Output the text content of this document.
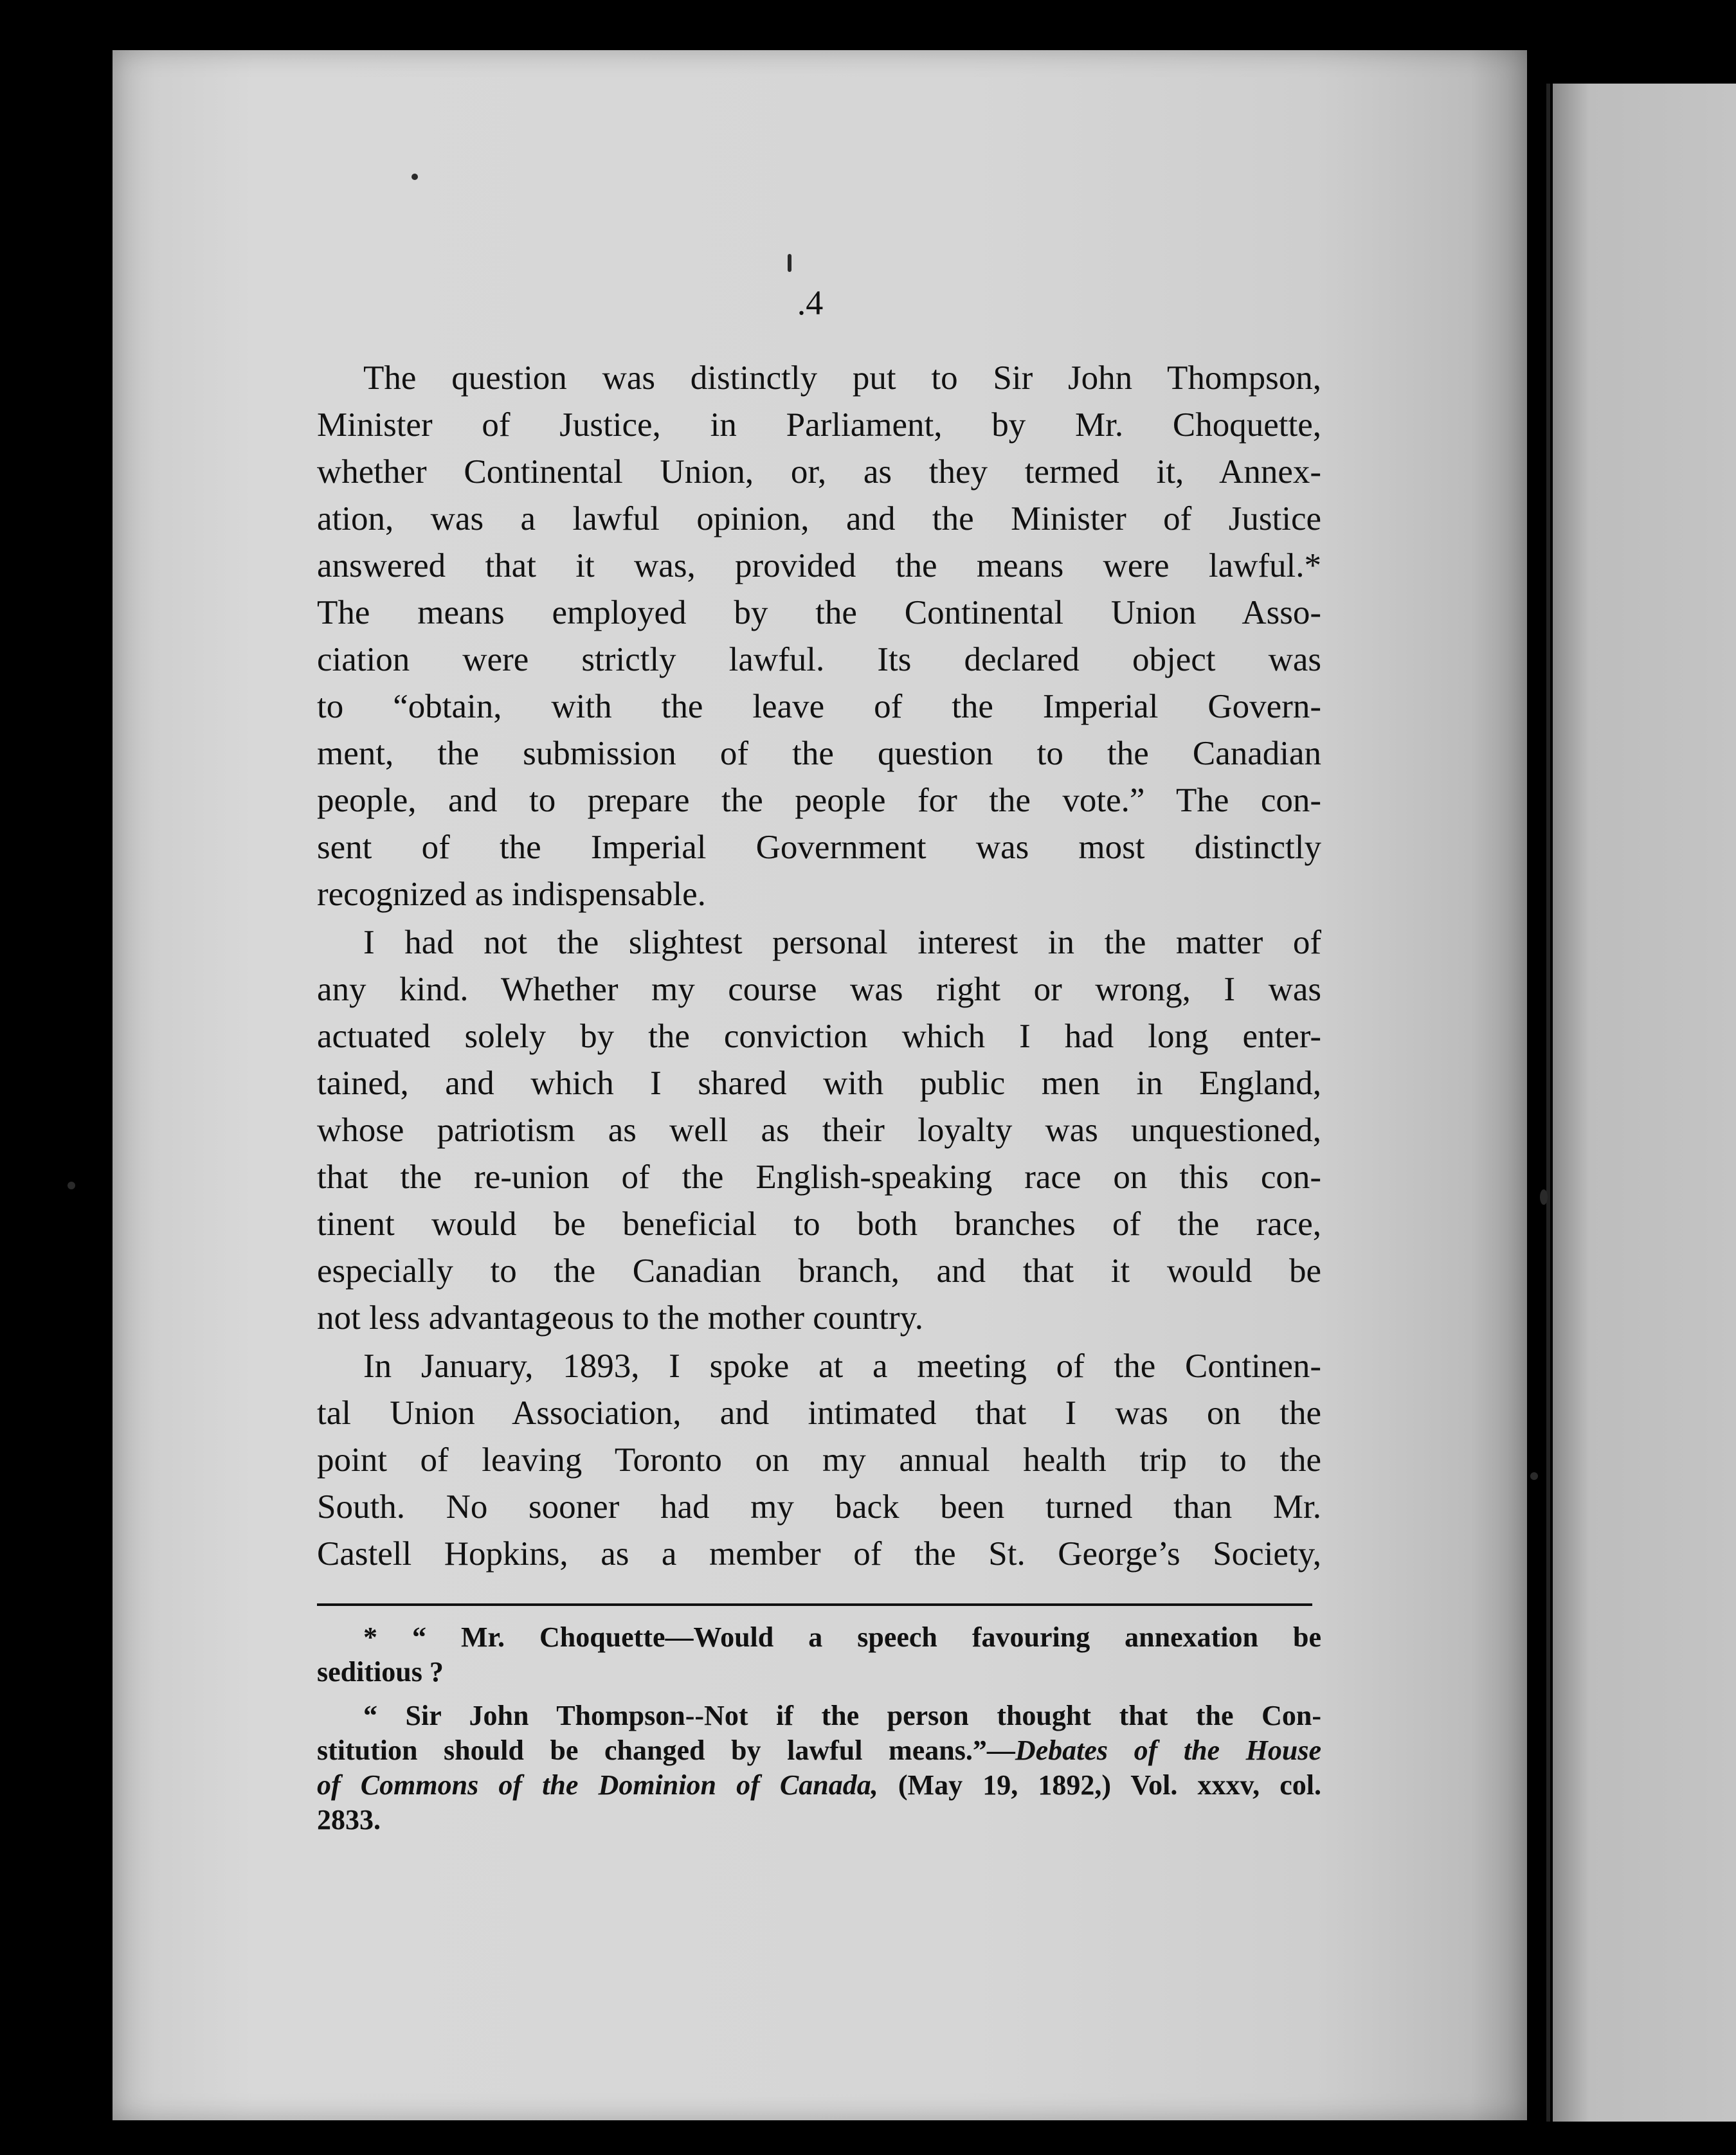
.4
The question was distinctly put to Sir John Thompson,
Minister of Justice, in Parliament, by Mr. Choquette,
whether Continental Union, or, as they termed it, Annex-
ation, was a lawful opinion, and the Minister of Justice
answered that it was, provided the means were lawful.*
The means employed by the Continental Union Asso-
ciation were strictly lawful. Its declared object was
to “obtain, with the leave of the Imperial Govern-
ment, the submission of the question to the Canadian
people, and to prepare the people for the vote.” The con-
sent of the Imperial Government was most distinctly
recognized as indispensable.
I had not the slightest personal interest in the matter of
any kind. Whether my course was right or wrong, I was
actuated solely by the conviction which I had long enter-
tained, and which I shared with public men in England,
whose patriotism as well as their loyalty was unquestioned,
that the re-union of the English-speaking race on this con-
tinent would be beneficial to both branches of the race,
especially to the Canadian branch, and that it would be
not less advantageous to the mother country.
In January, 1893, I spoke at a meeting of the Continen-
tal Union Association, and intimated that I was on the
point of leaving Toronto on my annual health trip to the
South. No sooner had my back been turned than Mr.
Castell Hopkins, as a member of the St. George’s Society,
* “ Mr. Choquette—Would a speech favouring annexation be
seditious ?
“ Sir John Thompson--Not if the person thought that the Con-
stitution should be changed by lawful means.”—Debates of the House
of Commons of the Dominion of Canada, (May 19, 1892,) Vol. xxxv, col.
2833.
